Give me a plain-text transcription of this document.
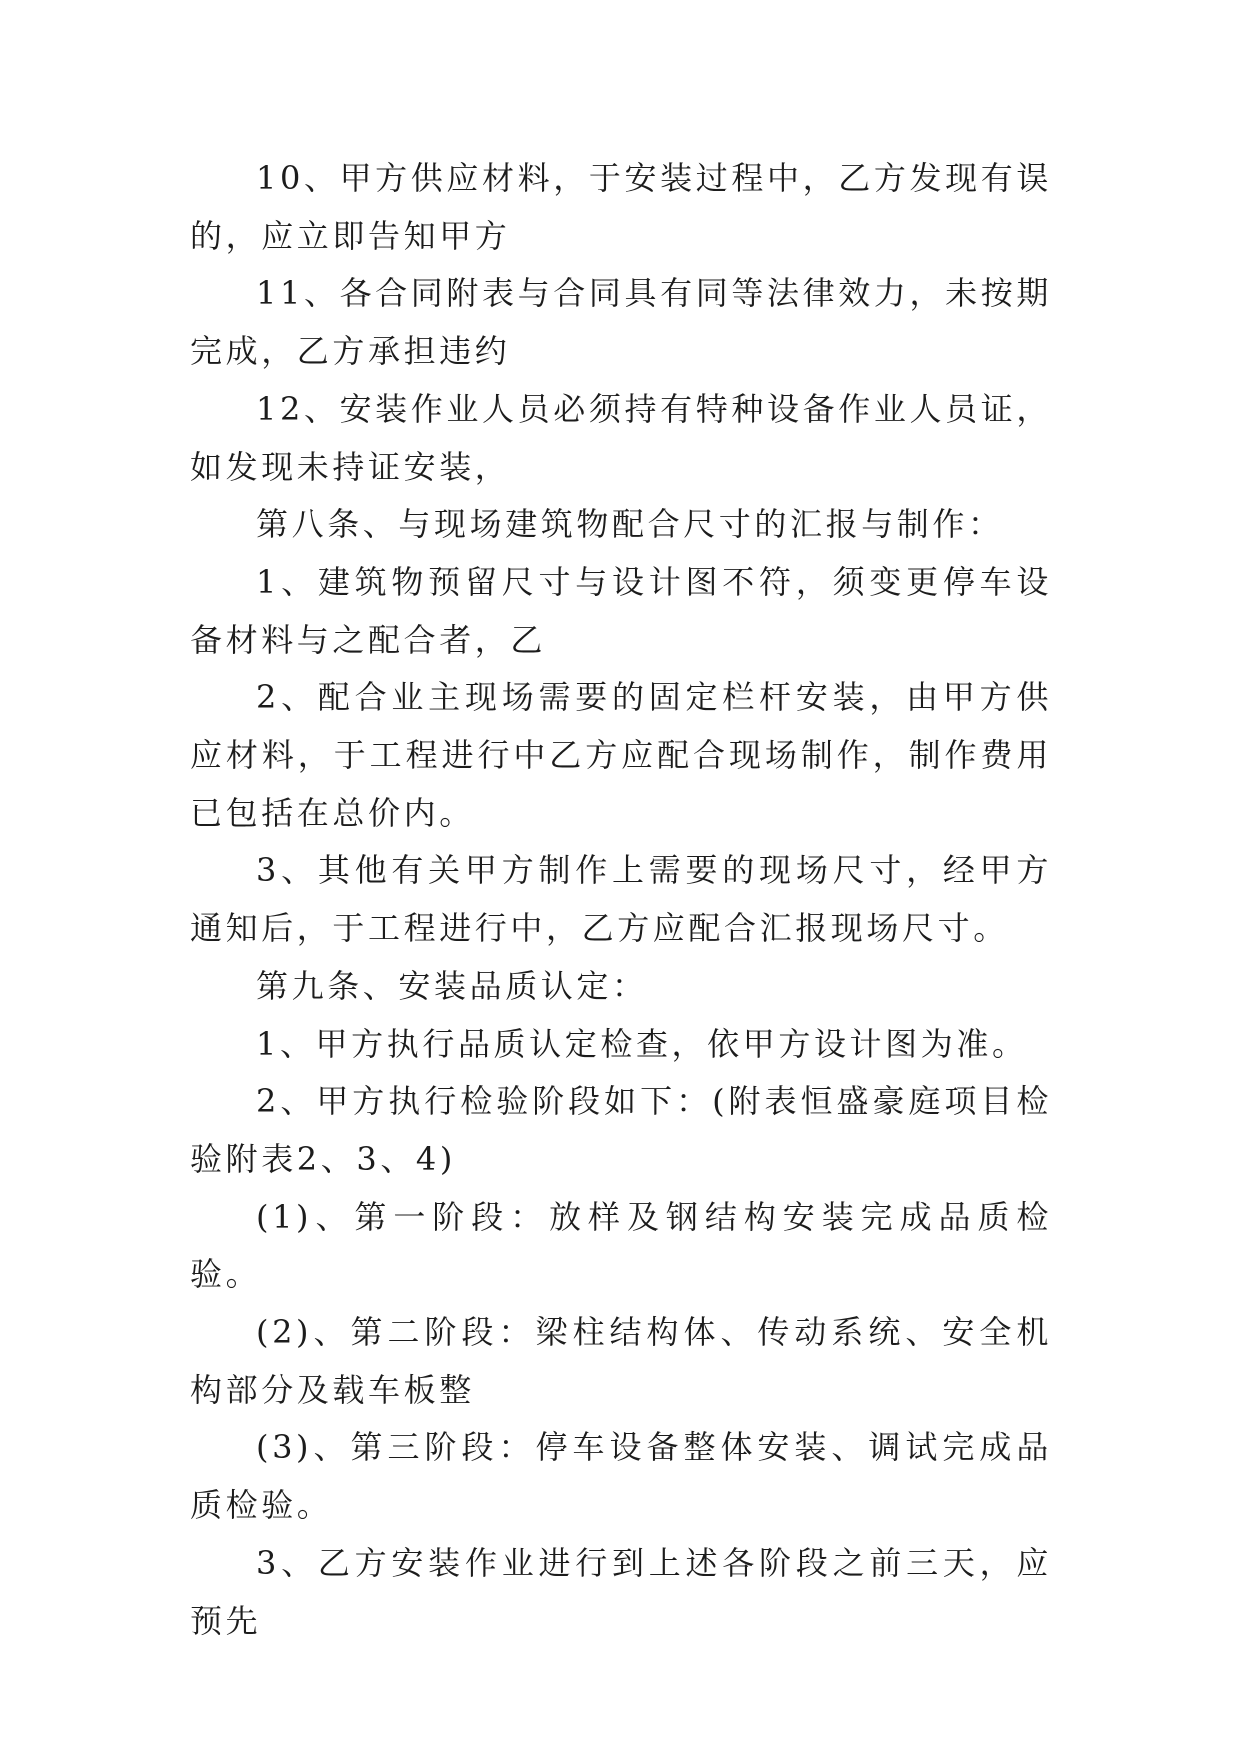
10、甲方供应材料，于安装过程中，乙方发现有误的，应立即告知甲方

11、各合同附表与合同具有同等法律效力，未按期完成，乙方承担违约

12、安装作业人员必须持有特种设备作业人员证，如发现未持证安装，

第八条、与现场建筑物配合尺寸的汇报与制作：

1、建筑物预留尺寸与设计图不符，须变更停车设备材料与之配合者，乙

2、配合业主现场需要的固定栏杆安装，由甲方供应材料，于工程进行中乙方应配合现场制作，制作费用已包括在总价内。

3、其他有关甲方制作上需要的现场尺寸，经甲方通知后，于工程进行中，乙方应配合汇报现场尺寸。

第九条、安装品质认定：

1、甲方执行品质认定检查，依甲方设计图为准。

2、甲方执行检验阶段如下：(附表恒盛豪庭项目检验附表2、3、4)

(1)、第一阶段：放样及钢结构安装完成品质检验。

(2)、第二阶段：梁柱结构体、传动系统、安全机构部分及载车板整

(3)、第三阶段：停车设备整体安装、调试完成品质检验。

3、乙方安装作业进行到上述各阶段之前三天，应预先
